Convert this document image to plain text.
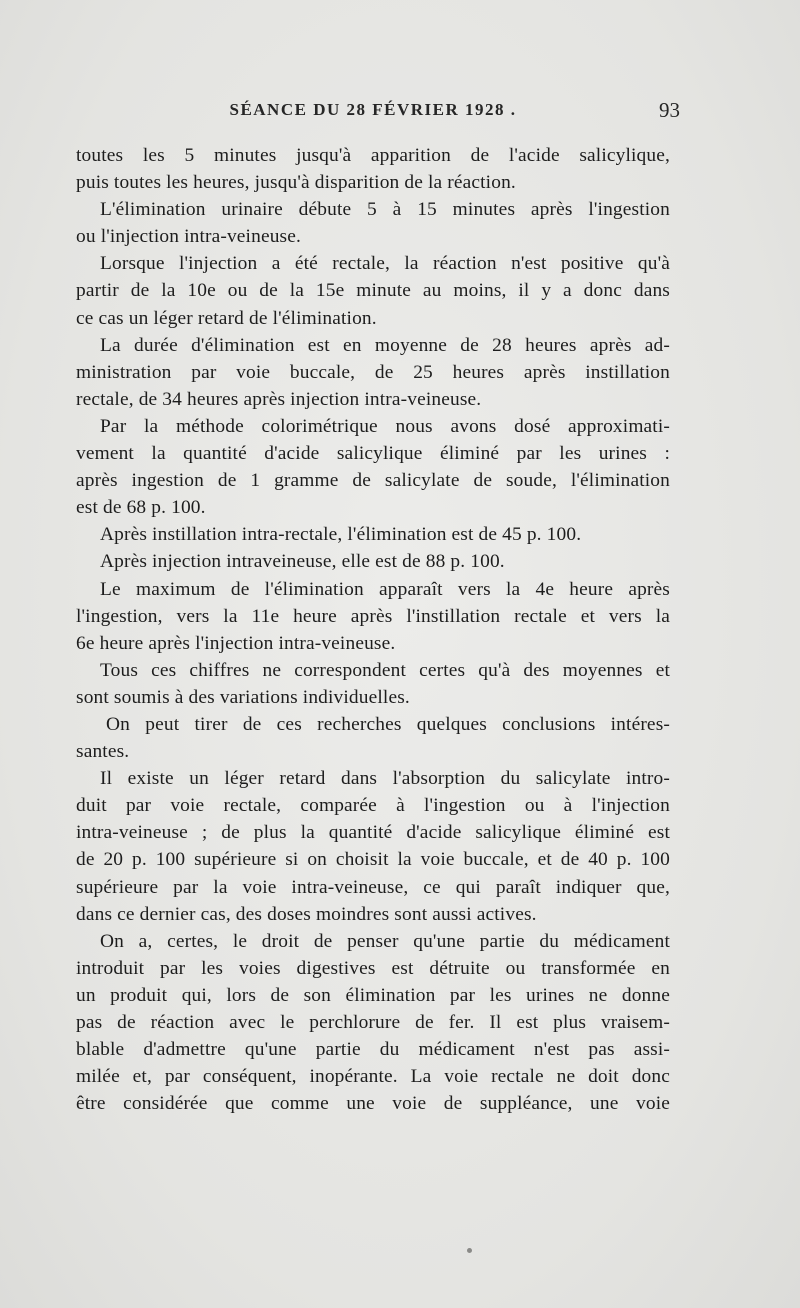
SÉANCE DU 28 FÉVRIER 1928 .	93
toutes les 5 minutes jusqu'à apparition de l'acide salicylique,
puis toutes les heures, jusqu'à disparition de la réaction.
L'élimination urinaire débute 5 à 15 minutes après l'ingestion
ou l'injection intra-veineuse.
Lorsque l'injection a été rectale, la réaction n'est positive qu'à
partir de la 10e ou de la 15e minute au moins, il y a donc dans
ce cas un léger retard de l'élimination.
La durée d'élimination est en moyenne de 28 heures après ad-
ministration par voie buccale, de 25 heures après instillation
rectale, de 34 heures après injection intra-veineuse.
Par la méthode colorimétrique nous avons dosé approximati-
vement la quantité d'acide salicylique éliminé par les urines :
après ingestion de 1 gramme de salicylate de soude, l'élimination
est de 68 p. 100.
Après instillation intra-rectale, l'élimination est de 45 p. 100.
Après injection intraveineuse, elle est de 88 p. 100.
Le maximum de l'élimination apparaît vers la 4e heure après
l'ingestion, vers la 11e heure après l'instillation rectale et vers la
6e heure après l'injection intra-veineuse.
Tous ces chiffres ne correspondent certes qu'à des moyennes et
sont soumis à des variations individuelles.
On peut tirer de ces recherches quelques conclusions intéres-
santes.
Il existe un léger retard dans l'absorption du salicylate intro-
duit par voie rectale, comparée à l'ingestion ou à l'injection
intra-veineuse ; de plus la quantité d'acide salicylique éliminé est
de 20 p. 100 supérieure si on choisit la voie buccale, et de 40 p. 100
supérieure par la voie intra-veineuse, ce qui paraît indiquer que,
dans ce dernier cas, des doses moindres sont aussi actives.
On a, certes, le droit de penser qu'une partie du médicament
introduit par les voies digestives est détruite ou transformée en
un produit qui, lors de son élimination par les urines ne donne
pas de réaction avec le perchlorure de fer. Il est plus vraisem-
blable d'admettre qu'une partie du médicament n'est pas assi-
milée et, par conséquent, inopérante. La voie rectale ne doit donc
être considérée que comme une voie de suppléance, une voie
